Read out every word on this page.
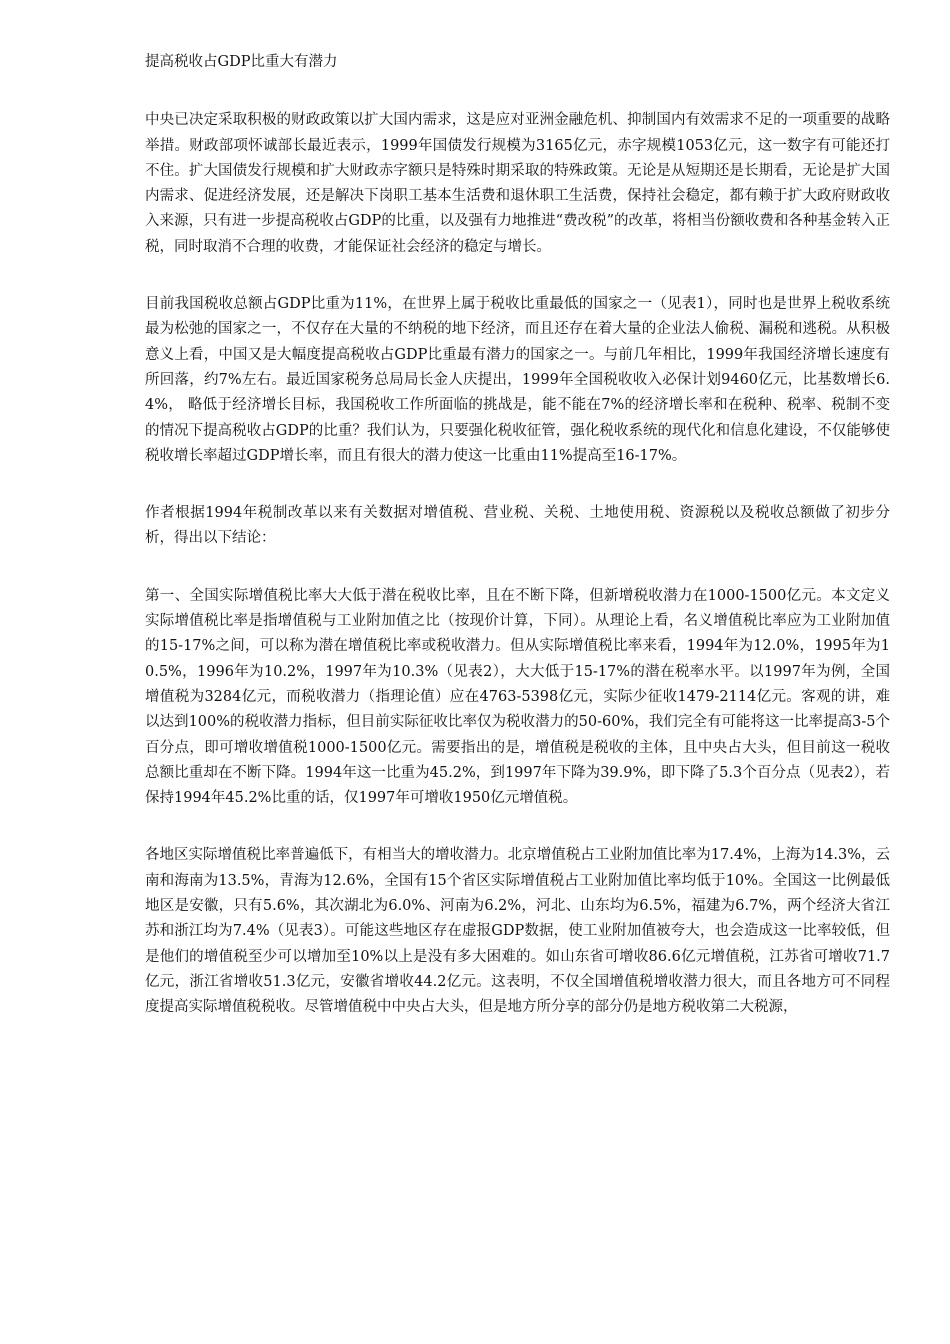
提高税收占GDP比重大有潜力

中央已决定采取积极的财政政策以扩大国内需求，这是应对亚洲金融危机、抑制国内有效需求不足的一项重要的战略举措。财政部项怀诚部长最近表示，1999年国债发行规模为3165亿元，赤字规模1053亿元，这一数字有可能还打不住。扩大国债发行规模和扩大财政赤字额只是特殊时期采取的特殊政策。无论是从短期还是长期看，无论是扩大国内需求、促进经济发展，还是解决下岗职工基本生活费和退休职工生活费，保持社会稳定，都有赖于扩大政府财政收入来源，只有进一步提高税收占GDP的比重，以及强有力地推进“费改税”的改革，将相当份额收费和各种基金转入正税，同时取消不合理的收费，才能保证社会经济的稳定与增长。

目前我国税收总额占GDP比重为11%，在世界上属于税收比重最低的国家之一（见表1），同时也是世界上税收系统最为松弛的国家之一，不仅存在大量的不纳税的地下经济，而且还存在着大量的企业法人偷税、漏税和逃税。从积极意义上看，中国又是大幅度提高税收占GDP比重最有潜力的国家之一。与前几年相比，1999年我国经济增长速度有所回落，约7%左右。最近国家税务总局局长金人庆提出，1999年全国税收收入必保计划9460亿元，比基数增长6.4%， 略低于经济增长目标，我国税收工作所面临的挑战是，能不能在7%的经济增长率和在税种、税率、税制不变的情况下提高税收占GDP的比重？我们认为，只要强化税收征管，强化税收系统的现代化和信息化建设，不仅能够使税收增长率超过GDP增长率，而且有很大的潜力使这一比重由11%提高至16-17%。

作者根据1994年税制改革以来有关数据对增值税、营业税、关税、土地使用税、资源税以及税收总额做了初步分析，得出以下结论：

第一、全国实际增值税比率大大低于潜在税收比率，且在不断下降，但新增税收潜力在1000-1500亿元。本文定义实际增值税比率是指增值税与工业附加值之比（按现价计算，下同）。从理论上看，名义增值税比率应为工业附加值的15-17%之间，可以称为潜在增值税比率或税收潜力。但从实际增值税比率来看，1994年为12.0%，1995年为10.5%，1996年为10.2%，1997年为10.3%（见表2），大大低于15-17%的潜在税率水平。以1997年为例，全国增值税为3284亿元，而税收潜力（指理论值）应在4763-5398亿元，实际少征收1479-2114亿元。客观的讲，难以达到100%的税收潜力指标，但目前实际征收比率仅为税收潜力的50-60%，我们完全有可能将这一比率提高3-5个百分点，即可增收增值税1000-1500亿元。需要指出的是，增值税是税收的主体，且中央占大头，但目前这一税收总额比重却在不断下降。1994年这一比重为45.2%，到1997年下降为39.9%，即下降了5.3个百分点（见表2），若保持1994年45.2%比重的话，仅1997年可增收1950亿元增值税。

各地区实际增值税比率普遍低下，有相当大的增收潜力。北京增值税占工业附加值比率为17.4%，上海为14.3%，云南和海南为13.5%，青海为12.6%，全国有15个省区实际增值税占工业附加值比率均低于10%。全国这一比例最低地区是安徽，只有5.6%，其次湖北为6.0%、河南为6.2%，河北、山东均为6.5%，福建为6.7%，两个经济大省江苏和浙江均为7.4%（见表3）。可能这些地区存在虚报GDP数据，使工业附加值被夸大，也会造成这一比率较低，但是他们的增值税至少可以增加至10%以上是没有多大困难的。如山东省可增收86.6亿元增值税，江苏省可增收71.7亿元，浙江省增收51.3亿元，安徽省增收44.2亿元。这表明，不仅全国增值税增收潜力很大，而且各地方可不同程度提高实际增值税税收。尽管增值税中中央占大头，但是地方所分享的部分仍是地方税收第二大税源，
